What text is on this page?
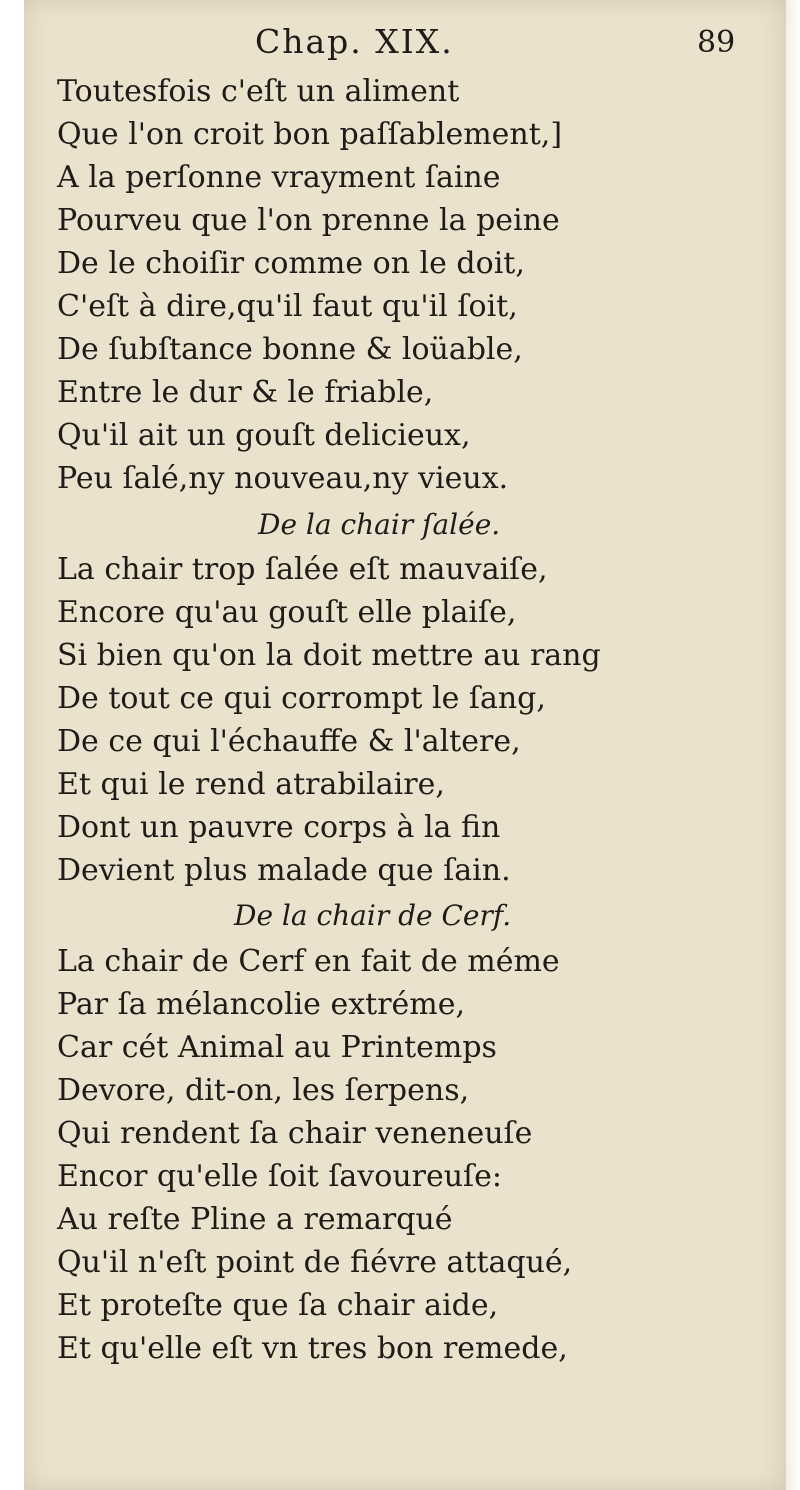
Chap. XIX.	89
Toutesfois c'eſt un aliment
Que l'on croit bon paſſablement,]
A la perſonne vrayment ſaine
Pourveu que l'on prenne la peine
De le choiſir comme on le doit,
C'eſt à dire,qu'il faut qu'il ſoit,
De ſubſtance bonne & loüable,
Entre le dur & le friable,
Qu'il ait un gouſt delicieux,
Peu ſalé,ny nouveau,ny vieux.
De la chair ſalée.
La chair trop ſalée eſt mauvaiſe,
Encore qu'au gouſt elle plaiſe,
Si bien qu'on la doit mettre au rang
De tout ce qui corrompt le ſang,
De ce qui l'échauffe & l'altere,
Et qui le rend atrabilaire,
Dont un pauvre corps à la fin
Devient plus malade que ſain.
De la chair de Cerf.
La chair de Cerf en fait de méme
Par ſa mélancolie extréme,
Car cét Animal au Printemps
Devore, dit-on, les ſerpens,
Qui rendent ſa chair veneneuſe
Encor qu'elle ſoit ſavoureuſe:
Au reſte Pline a remarqué
Qu'il n'eſt point de fiévre attaqué,
Et proteſte que ſa chair aide,
Et qu'elle eſt vn tres bon remede,
